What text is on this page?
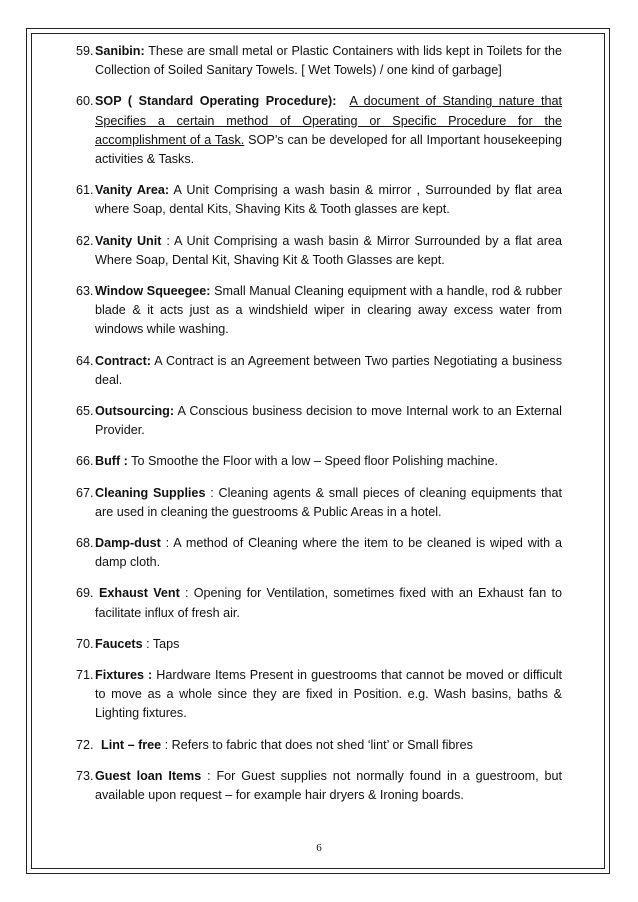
59. Sanibin: These are small metal or Plastic Containers with lids kept in Toilets for the Collection of Soiled Sanitary Towels. [ Wet Towels) / one kind of garbage]
60. SOP ( Standard Operating Procedure): A document of Standing nature that Specifies a certain method of Operating or Specific Procedure for the accomplishment of a Task. SOP’s can be developed for all Important housekeeping activities & Tasks.
61. Vanity Area: A Unit Comprising a wash basin & mirror , Surrounded by flat area where Soap, dental Kits, Shaving Kits & Tooth glasses are kept.
62. Vanity Unit : A Unit Comprising a wash basin & Mirror Surrounded by a flat area Where Soap, Dental Kit, Shaving Kit & Tooth Glasses are kept.
63. Window Squeegee: Small Manual Cleaning equipment with a handle, rod & rubber blade & it acts just as a windshield wiper in clearing away excess water from windows while washing.
64. Contract: A Contract is an Agreement between Two parties Negotiating a business deal.
65. Outsourcing: A Conscious business decision to move Internal work to an External Provider.
66. Buff : To Smoothe the Floor with a low – Speed floor Polishing machine.
67. Cleaning Supplies : Cleaning agents & small pieces of cleaning equipments that are used in cleaning the guestrooms & Public Areas in a hotel.
68. Damp-dust : A method of Cleaning where the item to be cleaned is wiped with a damp cloth.
69. Exhaust Vent : Opening for Ventilation, sometimes fixed with an Exhaust fan to facilitate influx of fresh air.
70. Faucets : Taps
71. Fixtures : Hardware Items Present in guestrooms that cannot be moved or difficult to move as a whole since they are fixed in Position. e.g. Wash basins, baths & Lighting fixtures.
72. Lint – free : Refers to fabric that does not shed ‘lint’ or Small fibres
73. Guest loan Items : For Guest supplies not normally found in a guestroom, but available upon request – for example hair dryers & Ironing boards.
6
